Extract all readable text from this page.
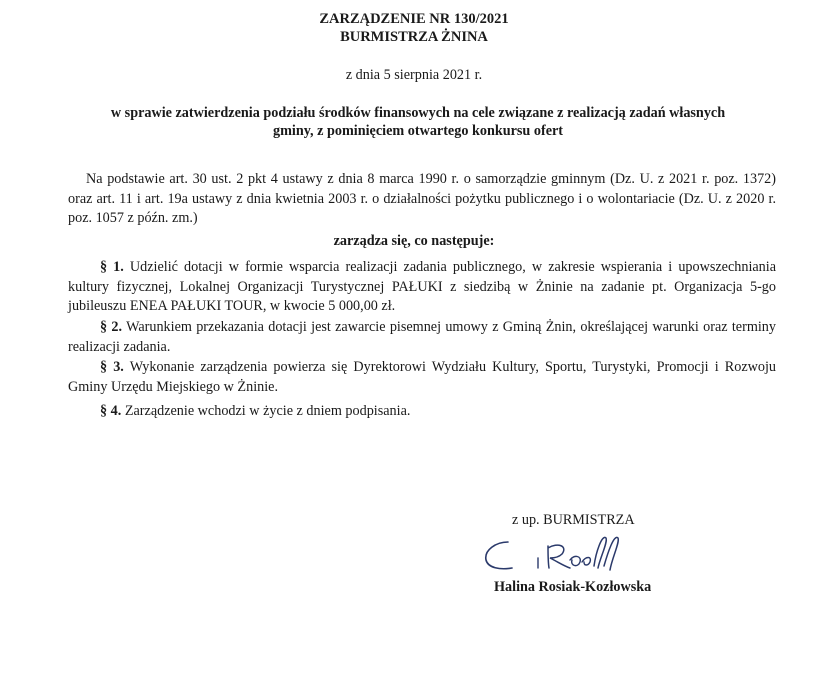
ZARZĄDZENIE NR 130/2021
BURMISTRZA ŻNINA
z dnia 5 sierpnia 2021 r.
w sprawie zatwierdzenia podziału środków finansowych na cele związane z realizacją zadań własnych gminy, z pominięciem otwartego konkursu ofert
Na podstawie art. 30 ust. 2 pkt 4 ustawy z dnia 8 marca 1990 r. o samorządzie gminnym (Dz. U. z 2021 r. poz. 1372) oraz art. 11 i art. 19a ustawy z dnia kwietnia 2003 r. o działalności pożytku publicznego i o wolontariacie (Dz. U. z 2020 r. poz. 1057 z późn. zm.)
zarządza się, co następuje:
§ 1. Udzielić dotacji w formie wsparcia realizacji zadania publicznego, w zakresie wspierania i upowszechniania kultury fizycznej, Lokalnej Organizacji Turystycznej PAŁUKI z siedzibą w Żninie na zadanie pt. Organizacja 5-go jubileuszu ENEA PAŁUKI TOUR, w kwocie 5 000,00 zł.
§ 2. Warunkiem przekazania dotacji jest zawarcie pisemnej umowy z Gminą Żnin, określającej warunki oraz terminy realizacji zadania.
§ 3. Wykonanie zarządzenia powierza się Dyrektorowi Wydziału Kultury, Sportu, Turystyki, Promocji i Rozwoju Gminy Urzędu Miejskiego w Żninie.
§ 4. Zarządzenie wchodzi w życie z dniem podpisania.
z up. BURMISTRZA
Halina Rosiak-Kozłowska
